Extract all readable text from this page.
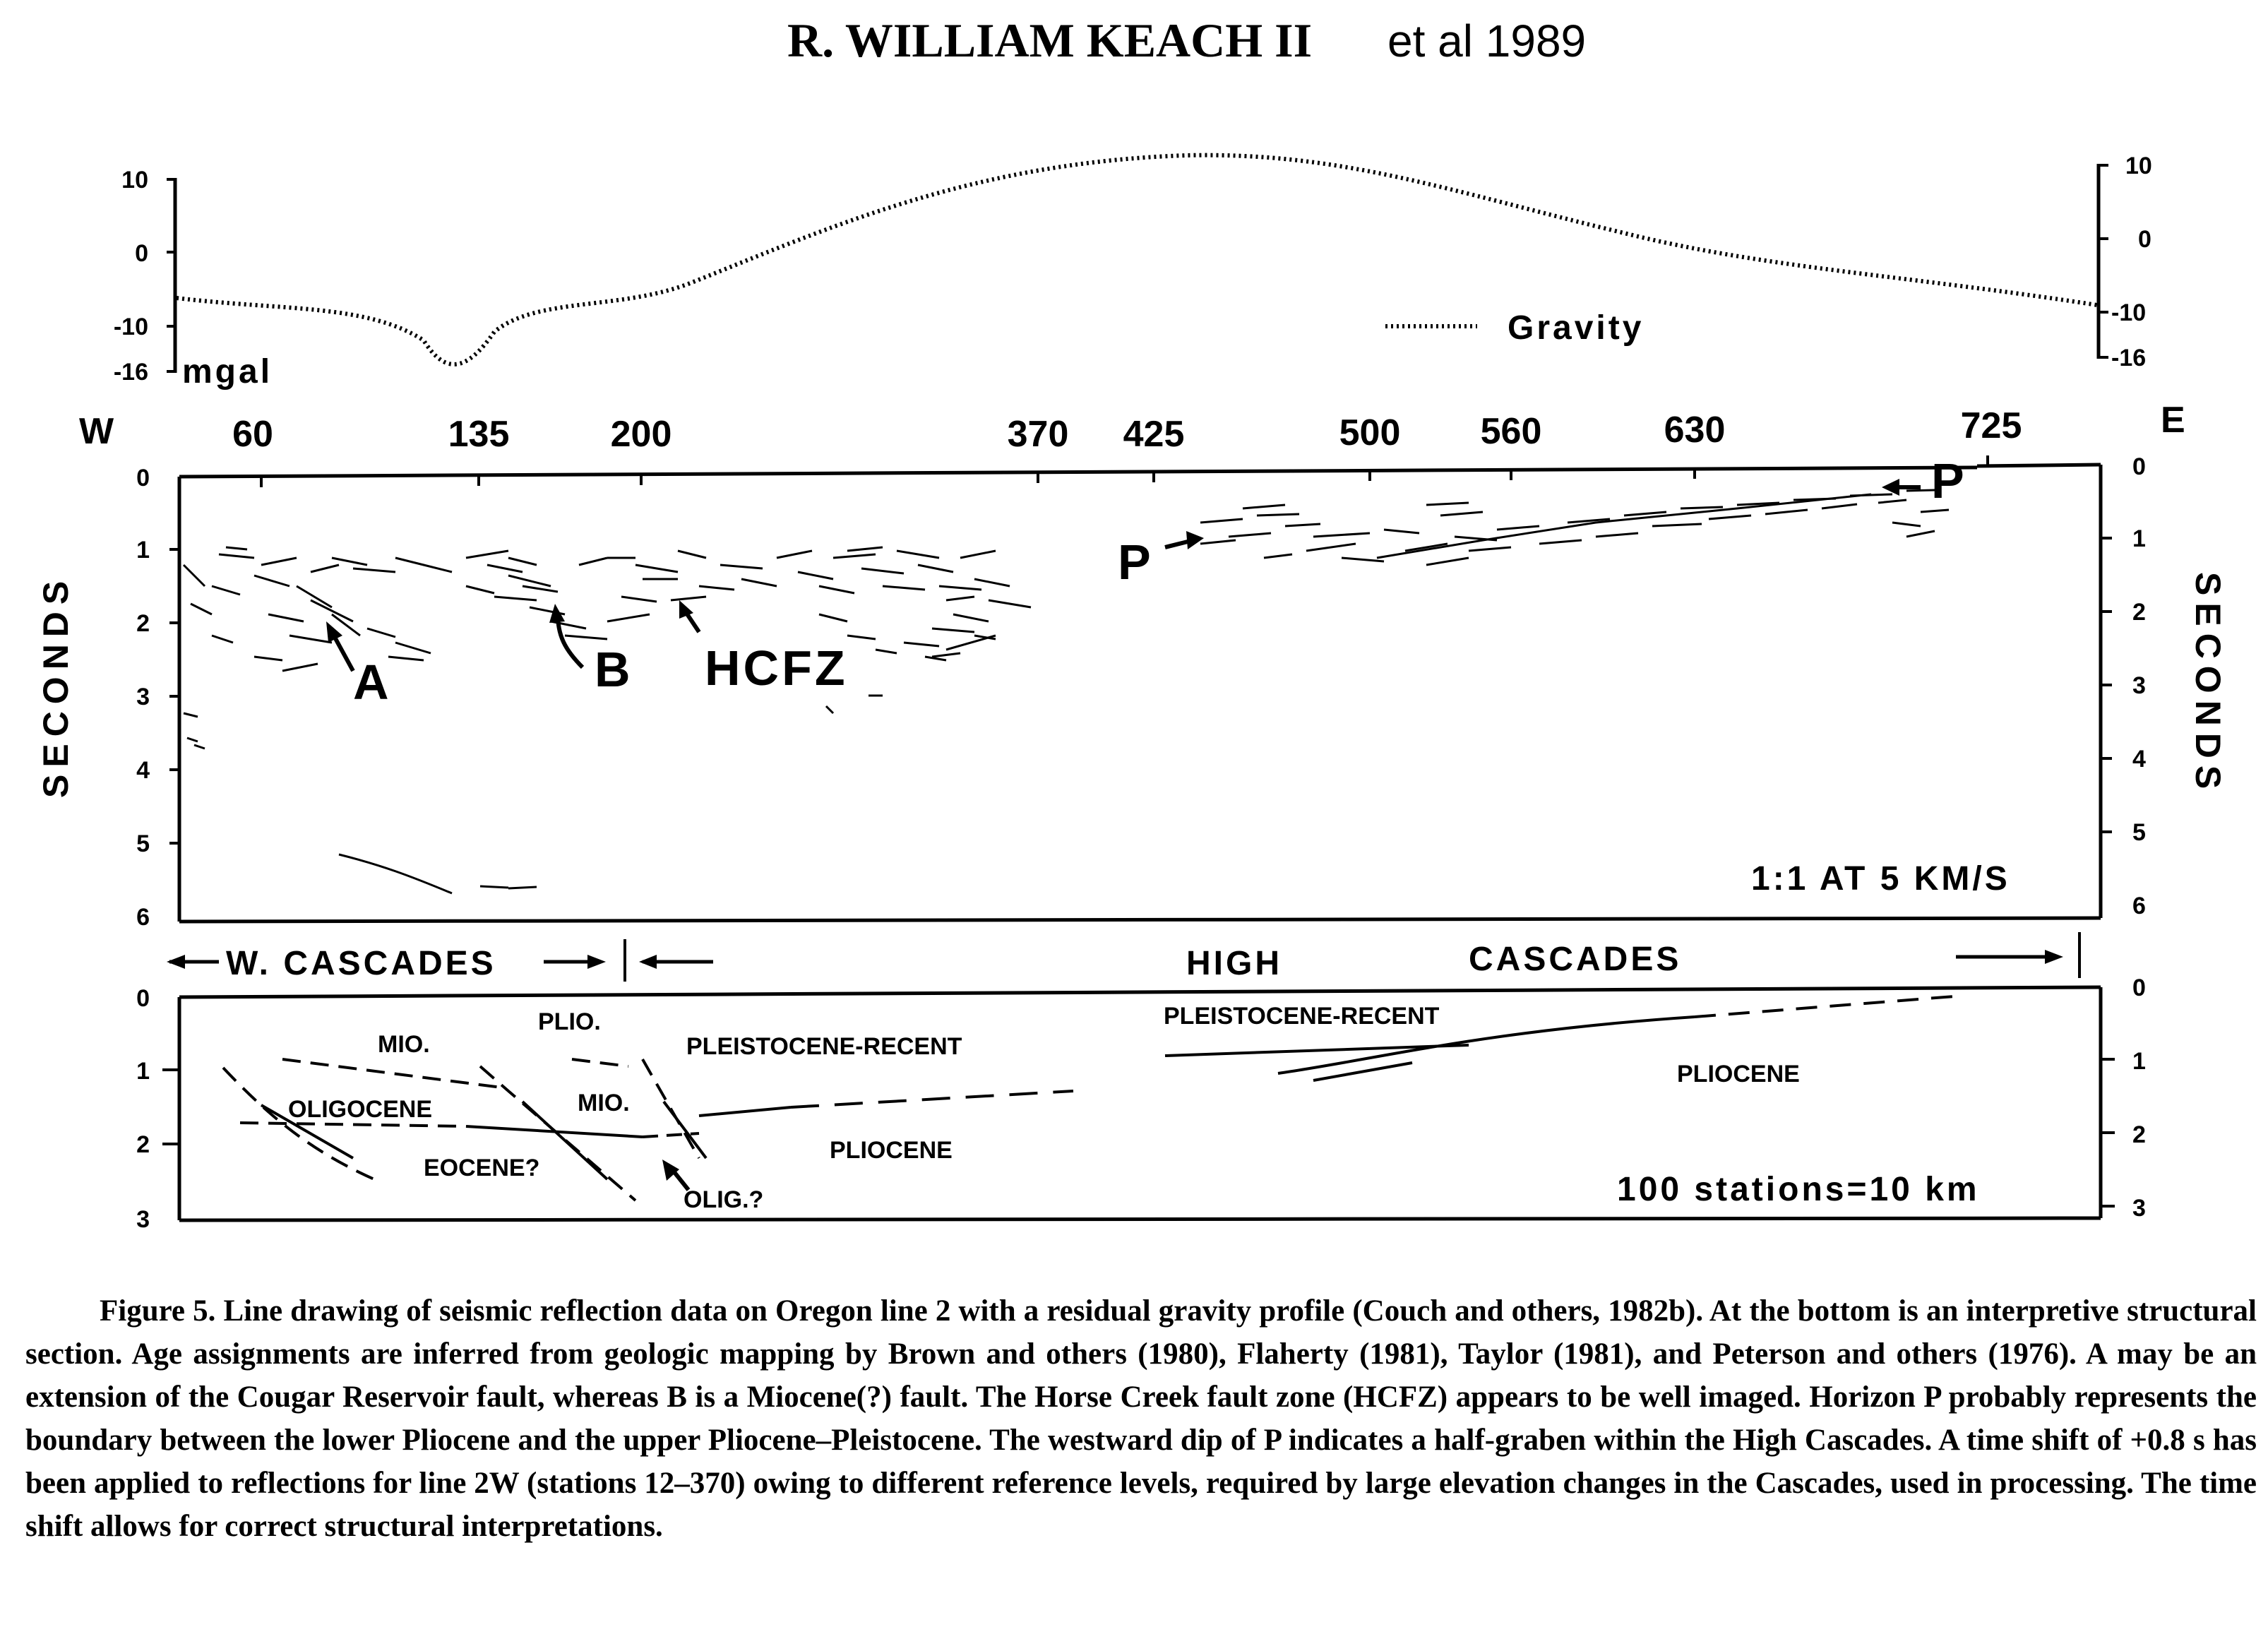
R. WILLIAM KEACH II et al 1989
10
0
-10
-16 mgal
10
0
-10
-16
Gravity
W	E
60	135	200	370 425	500 560	630	725
0
1
2
3
4
5
6
0
1
2
3
4
5
6
SECONDS	SECONDS
A	B HCFZ
P
P
1:1 AT 5 KM/S
W. CASCADES	HIGH	CASCADES
0
1
2
3
0
1
2
3
MIO.
PLIO.
PLEISTOCENE-RECENT
OLIGOCENE	MIO.
EOCENE?
PLIOCENE
OLIG.?
PLEISTOCENE-RECENT
PLIOCENE
100 stations=10 km

Figure 5. Line drawing of seismic reflection data on Oregon line 2 with a residual gravity profile (Couch and others, 1982b). At the bottom is an interpretive structural section. Age assignments are inferred from geologic mapping by Brown and others (1980), Flaherty (1981), Taylor (1981), and Peterson and others (1976). A may be an extension of the Cougar Reservoir fault, whereas B is a Miocene(?) fault. The Horse Creek fault zone (HCFZ) appears to be well imaged. Horizon P probably represents the boundary between the lower Pliocene and the upper Pliocene–Pleistocene. The westward dip of P indicates a half-graben within the High Cascades. A time shift of +0.8 s has been applied to reflections for line 2W (stations 12–370) owing to different reference levels, required by large elevation changes in the Cascades, used in processing. The time shift allows for correct structural interpretations.
